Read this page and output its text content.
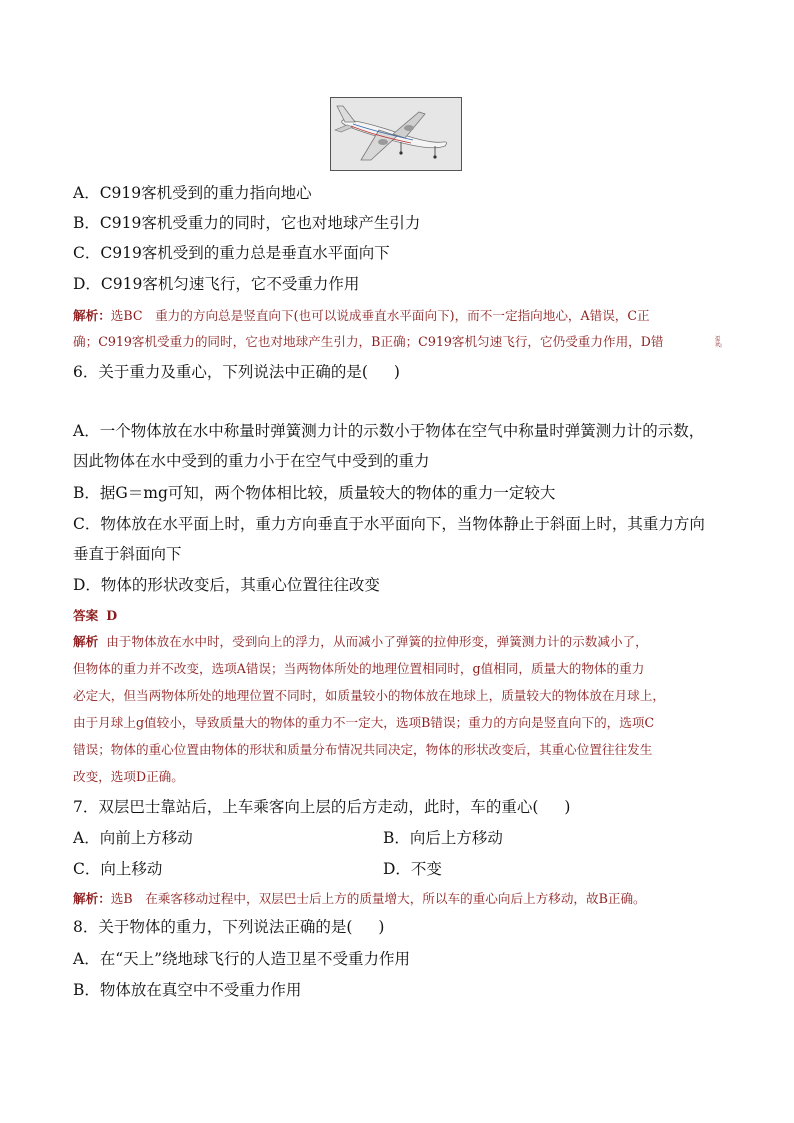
A．C919客机受到的重力指向地心
B．C919客机受重力的同时，它也对地球产生引力
C．C919客机受到的重力总是垂直水平面向下
D．C919客机匀速飞行，它不受重力作用
解析：选BC　重力的方向总是竖直向下(也可以说成垂直水平面向下)，而不一定指向地心，A错误，C正
确；C919客机受重力的同时，它也对地球产生引力，B正确；C919客机匀速飞行，它仍受重力作用，D错	误。
6．关于重力及重心，下列说法中正确的是( )
A．一个物体放在水中称量时弹簧测力计的示数小于物体在空气中称量时弹簧测力计的示数，
因此物体在水中受到的重力小于在空气中受到的重力
B．据G＝mg可知，两个物体相比较，质量较大的物体的重力一定较大
C．物体放在水平面上时，重力方向垂直于水平面向下，当物体静止于斜面上时，其重力方向
垂直于斜面向下
D．物体的形状改变后，其重心位置往往改变
答案 D
解析 由于物体放在水中时，受到向上的浮力，从而减小了弹簧的拉伸形变，弹簧测力计的示数减小了，
但物体的重力并不改变，选项A错误；当两物体所处的地理位置相同时，g值相同，质量大的物体的重力
必定大，但当两物体所处的地理位置不同时，如质量较小的物体放在地球上，质量较大的物体放在月球上，
由于月球上g值较小，导致质量大的物体的重力不一定大，选项B错误；重力的方向是竖直向下的，选项C
错误；物体的重心位置由物体的形状和质量分布情况共同决定，物体的形状改变后，其重心位置往往发生
改变，选项D正确。
7．双层巴士靠站后，上车乘客向上层的后方走动，此时，车的重心( )
A．向前上方移动	B．向后上方移动
C．向上移动	D．不变
解析：选B　在乘客移动过程中，双层巴士后上方的质量增大，所以车的重心向后上方移动，故B正确。
8．关于物体的重力，下列说法正确的是( )
A．在“天上”绕地球飞行的人造卫星不受重力作用
B．物体放在真空中不受重力作用
